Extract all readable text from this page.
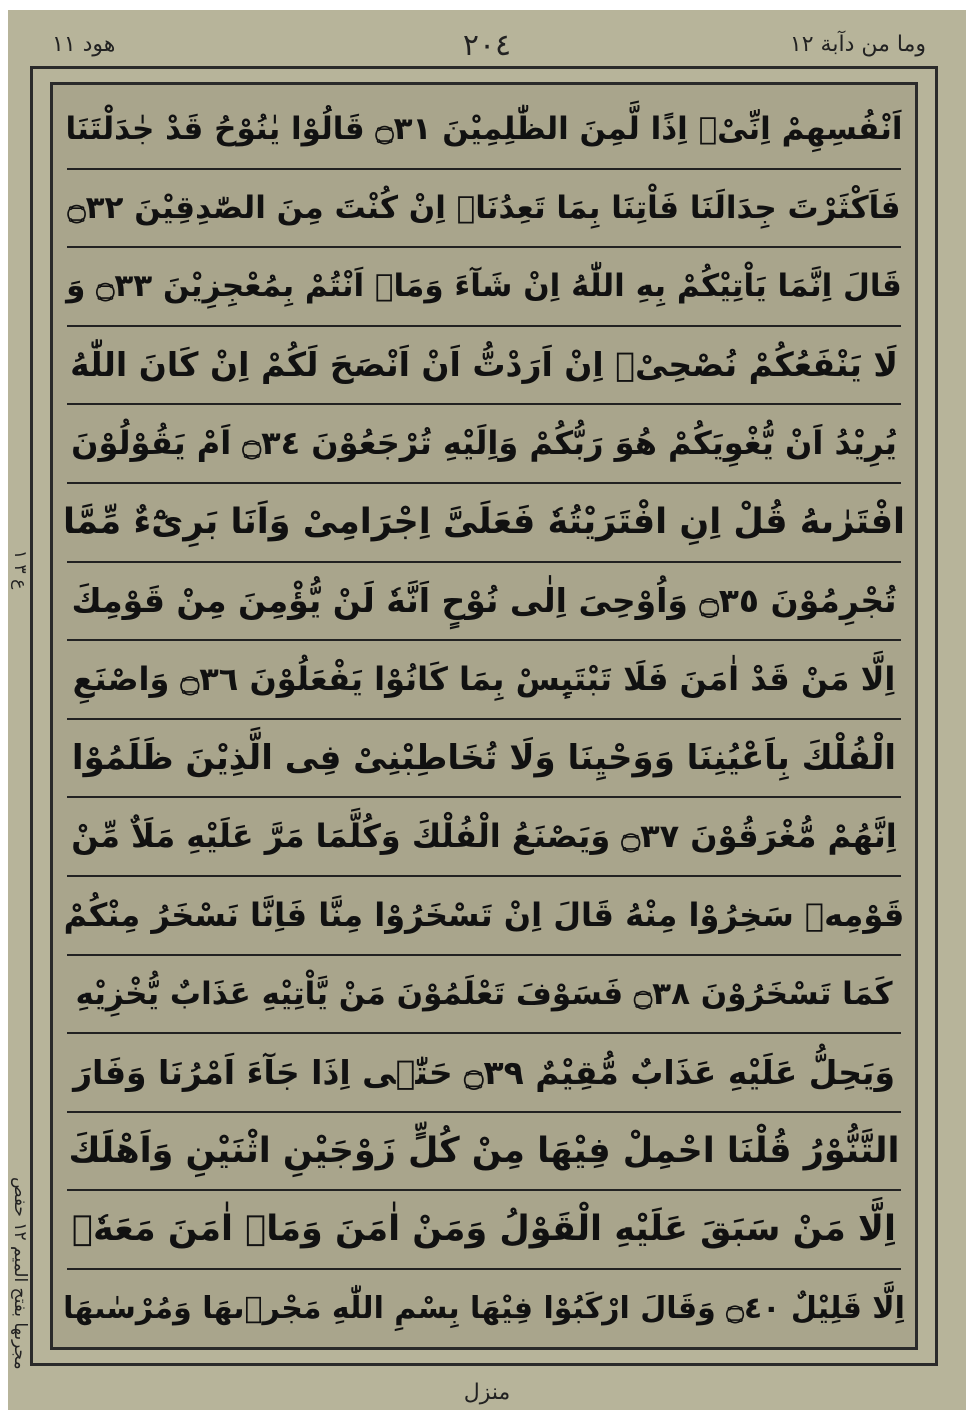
وما من دآبة ١٢
٢٠٤
هود ١١
اَنْفُسِهِمْ اِنِّیْۤ اِذًا لَّمِنَ الظّٰلِمِیْنَ ۝٣١ قَالُوْا یٰنُوْحُ قَدْ جٰدَلْتَنَا
فَاَكْثَرْتَ جِدَالَنَا فَاْتِنَا بِمَا تَعِدُنَاۤ اِنْ كُنْتَ مِنَ الصّٰدِقِیْنَ ۝٣٢
قَالَ اِنَّمَا یَاْتِیْكُمْ بِهِ اللّٰهُ اِنْ شَآءَ وَمَاۤ اَنْتُمْ بِمُعْجِزِیْنَ ۝٣٣ وَ
لَا یَنْفَعُكُمْ نُصْحِیْۤ اِنْ اَرَدْتُّ اَنْ اَنْصَحَ لَكُمْ اِنْ كَانَ اللّٰهُ
یُرِیْدُ اَنْ یُّغْوِیَكُمْ هُوَ رَبُّكُمْ وَاِلَیْهِ تُرْجَعُوْنَ ۝٣٤ اَمْ یَقُوْلُوْنَ
افْتَرٰىهُ قُلْ اِنِ افْتَرَیْتُهٗ فَعَلَیَّ اِجْرَامِیْ وَاَنَا بَرِیْٓءٌ مِّمَّا
تُجْرِمُوْنَ ۝٣٥ وَاُوْحِیَ اِلٰى نُوْحٍ اَنَّهٗ لَنْ یُّؤْمِنَ مِنْ قَوْمِكَ
اِلَّا مَنْ قَدْ اٰمَنَ فَلَا تَبْتَىِٕسْ بِمَا كَانُوْا یَفْعَلُوْنَ ۝٣٦ وَاصْنَعِ
الْفُلْكَ بِاَعْیُنِنَا وَوَحْیِنَا وَلَا تُخَاطِبْنِیْ فِی الَّذِیْنَ ظَلَمُوْا
اِنَّهُمْ مُّغْرَقُوْنَ ۝٣٧ وَیَصْنَعُ الْفُلْكَ وَكُلَّمَا مَرَّ عَلَیْهِ مَلَاٌ مِّنْ
قَوْمِهٖ سَخِرُوْا مِنْهُ قَالَ اِنْ تَسْخَرُوْا مِنَّا فَاِنَّا نَسْخَرُ مِنْكُمْ
كَمَا تَسْخَرُوْنَ ۝٣٨ فَسَوْفَ تَعْلَمُوْنَ مَنْ یَّاْتِیْهِ عَذَابٌ یُّخْزِیْهِ
وَیَحِلُّ عَلَیْهِ عَذَابٌ مُّقِیْمٌ ۝٣٩ حَتّٰۤى اِذَا جَآءَ اَمْرُنَا وَفَارَ
التَّنُّوْرُ قُلْنَا احْمِلْ فِیْهَا مِنْ كُلٍّ زَوْجَیْنِ اثْنَیْنِ وَاَهْلَكَ
اِلَّا مَنْ سَبَقَ عَلَیْهِ الْقَوْلُ وَمَنْ اٰمَنَ وَمَاۤ اٰمَنَ مَعَهٗۤ
اِلَّا قَلِیْلٌ ۝٤٠ وَقَالَ ارْكَبُوْا فِیْهَا بِسْمِ اللّٰهِ مَجْرٖىهَا وَمُرْسٰىهَا
ع ٣ ١
مجرىها بفتح الميم ١٢ حفص
منزل
